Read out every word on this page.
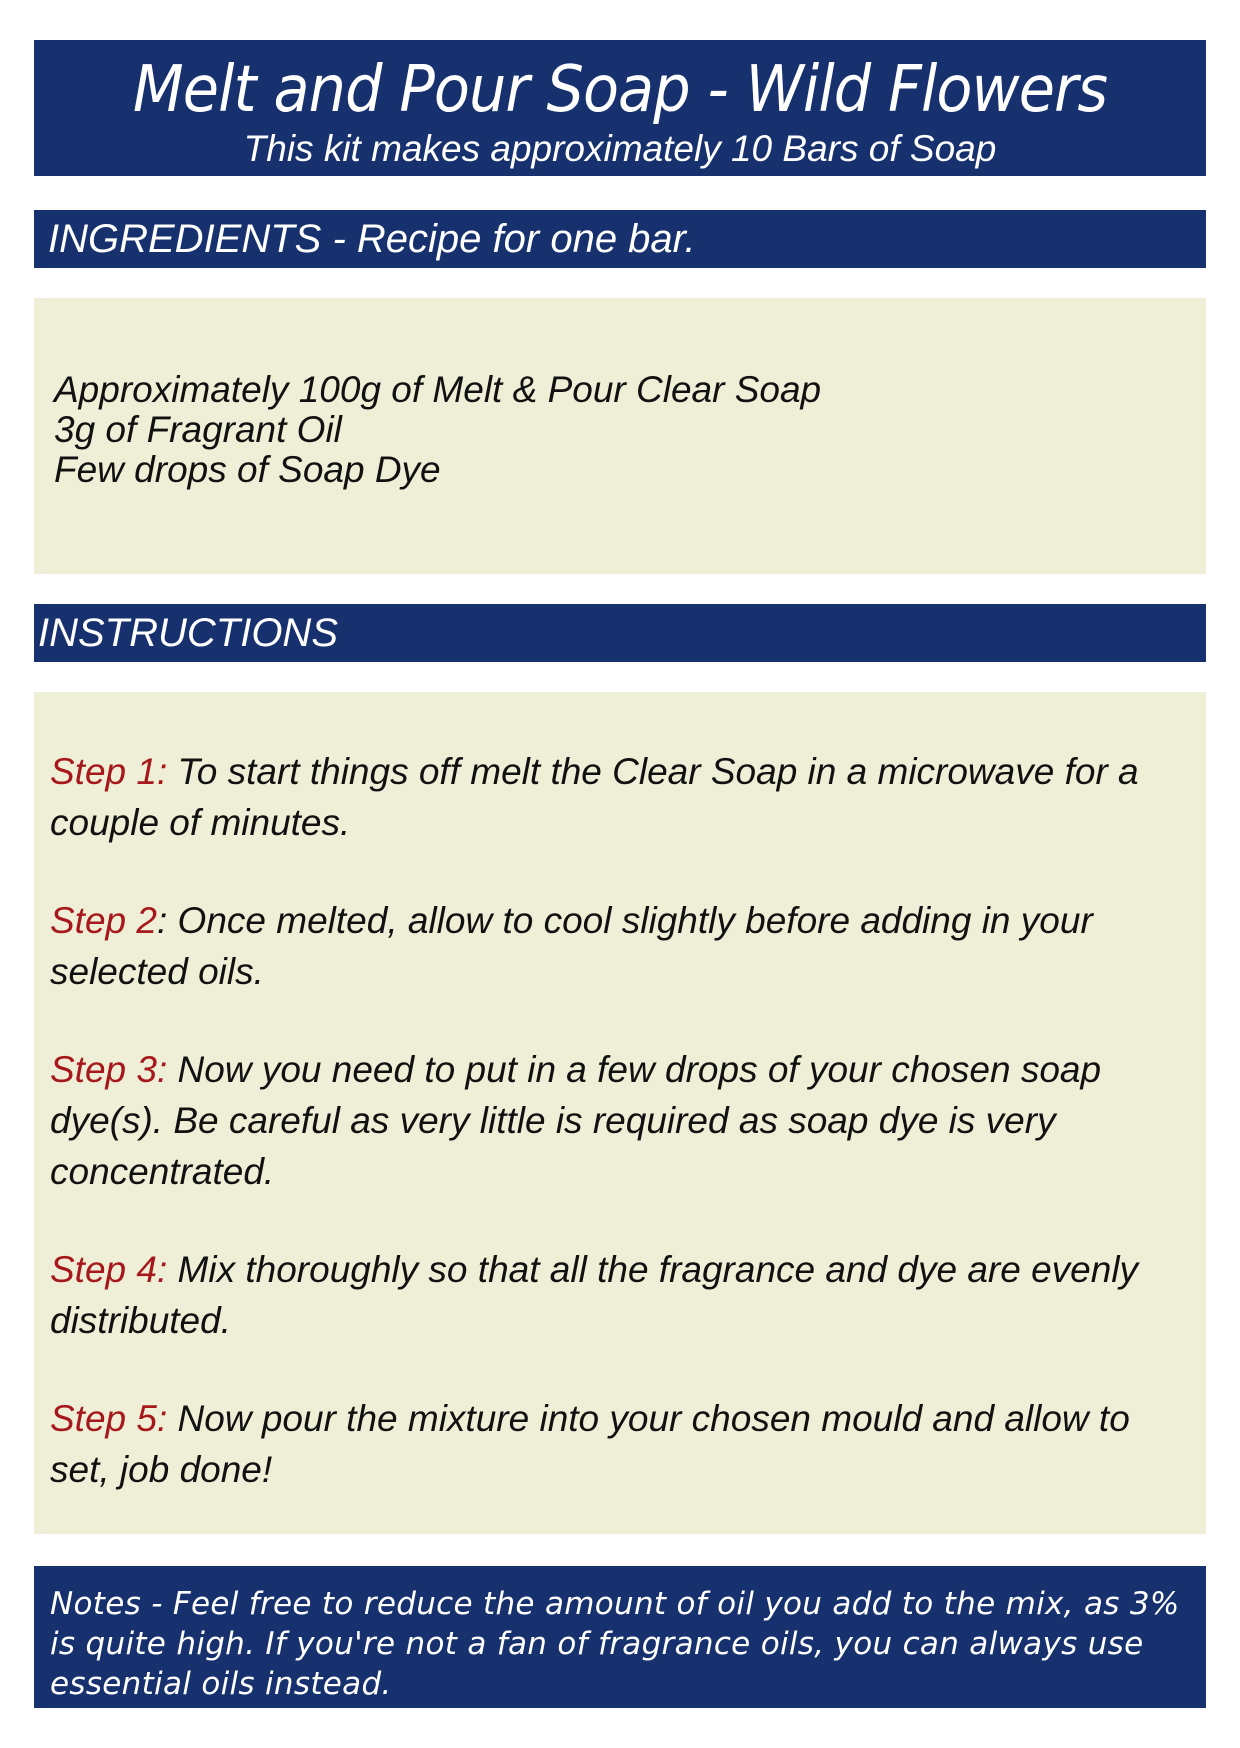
Melt and Pour Soap - Wild Flowers
This kit makes approximately 10 Bars of Soap
INGREDIENTS - Recipe for one bar.
Approximately 100g of Melt & Pour Clear Soap
3g of Fragrant Oil
Few drops of Soap Dye
INSTRUCTIONS

Step 1: To start things off melt the Clear Soap in a microwave for a couple of minutes.

Step 2: Once melted, allow to cool slightly before adding in your selected oils.

Step 3: Now you need to put in a few drops of your chosen soap dye(s). Be careful as very little is required as soap dye is very concentrated.

Step 4: Mix thoroughly so that all the fragrance and dye are evenly distributed.

Step 5: Now pour the mixture into your chosen mould and allow to set, job done!

Notes - Feel free to reduce the amount of oil you add to the mix, as 3% is quite high. If you're not a fan of fragrance oils, you can always use essential oils instead.
